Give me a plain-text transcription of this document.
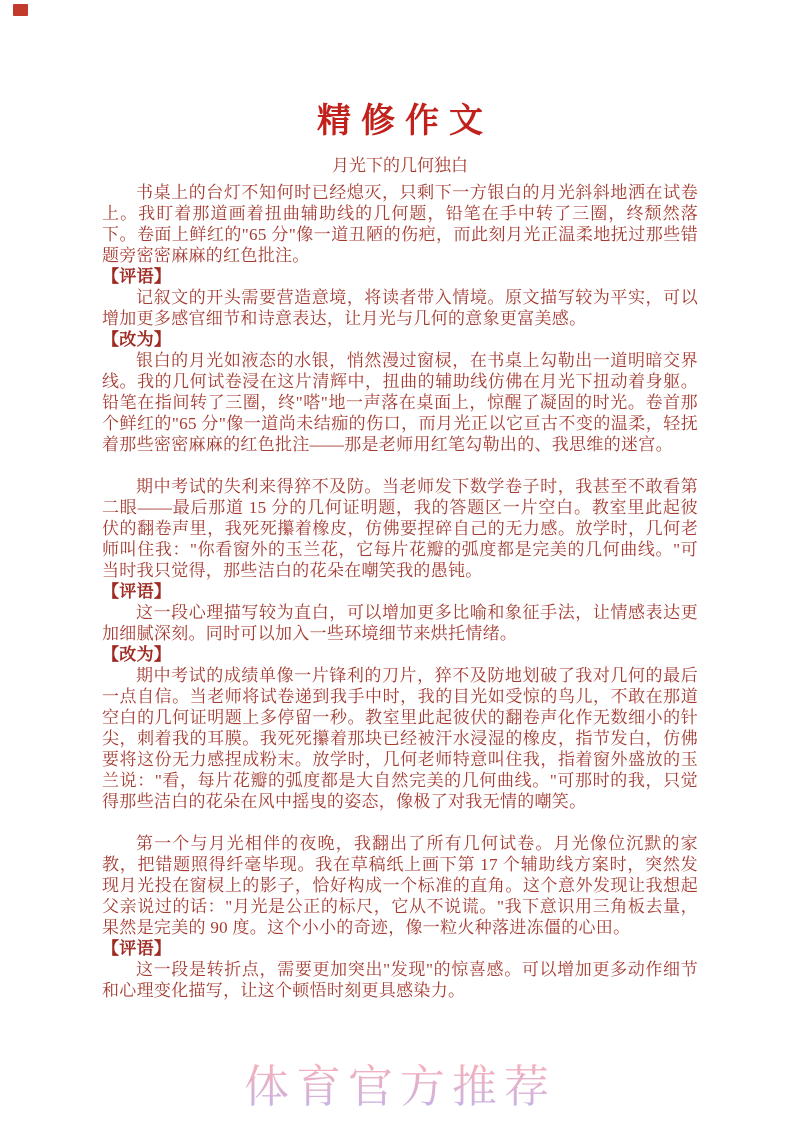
精修作文
月光下的几何独白

书桌上的台灯不知何时已经熄灭，只剩下一方银白的月光斜斜地洒在试卷上。我盯着那道画着扭曲辅助线的几何题，铅笔在手中转了三圈，终颓然落下。卷面上鲜红的"65 分"像一道丑陋的伤疤，而此刻月光正温柔地抚过那些错题旁密密麻麻的红色批注。

【评语】

记叙文的开头需要营造意境，将读者带入情境。原文描写较为平实，可以增加更多感官细节和诗意表达，让月光与几何的意象更富美感。

【改为】

银白的月光如液态的水银，悄然漫过窗棂，在书桌上勾勒出一道明暗交界线。我的几何试卷浸在这片清辉中，扭曲的辅助线仿佛在月光下扭动着身躯。铅笔在指间转了三圈，终"嗒"地一声落在桌面上，惊醒了凝固的时光。卷首那个鲜红的"65 分"像一道尚未结痂的伤口，而月光正以它亘古不变的温柔，轻抚着那些密密麻麻的红色批注——那是老师用红笔勾勒出的、我思维的迷宫。

期中考试的失利来得猝不及防。当老师发下数学卷子时，我甚至不敢看第二眼——最后那道 15 分的几何证明题，我的答题区一片空白。教室里此起彼伏的翻卷声里，我死死攥着橡皮，仿佛要捏碎自己的无力感。放学时，几何老师叫住我："你看窗外的玉兰花，它每片花瓣的弧度都是完美的几何曲线。"可当时我只觉得，那些洁白的花朵在嘲笑我的愚钝。

【评语】

这一段心理描写较为直白，可以增加更多比喻和象征手法，让情感表达更加细腻深刻。同时可以加入一些环境细节来烘托情绪。

【改为】

期中考试的成绩单像一片锋利的刀片，猝不及防地划破了我对几何的最后一点自信。当老师将试卷递到我手中时，我的目光如受惊的鸟儿，不敢在那道空白的几何证明题上多停留一秒。教室里此起彼伏的翻卷声化作无数细小的针尖，刺着我的耳膜。我死死攥着那块已经被汗水浸湿的橡皮，指节发白，仿佛要将这份无力感捏成粉末。放学时，几何老师特意叫住我，指着窗外盛放的玉兰说："看，每片花瓣的弧度都是大自然完美的几何曲线。"可那时的我，只觉得那些洁白的花朵在风中摇曳的姿态，像极了对我无情的嘲笑。

第一个与月光相伴的夜晚，我翻出了所有几何试卷。月光像位沉默的家教，把错题照得纤毫毕现。我在草稿纸上画下第 17 个辅助线方案时，突然发现月光投在窗棂上的影子，恰好构成一个标准的直角。这个意外发现让我想起父亲说过的话："月光是公正的标尺，它从不说谎。"我下意识用三角板去量，果然是完美的 90 度。这个小小的奇迹，像一粒火种落进冻僵的心田。

【评语】

这一段是转折点，需要更加突出"发现"的惊喜感。可以增加更多动作细节和心理变化描写，让这个顿悟时刻更具感染力。

体育官方推荐
